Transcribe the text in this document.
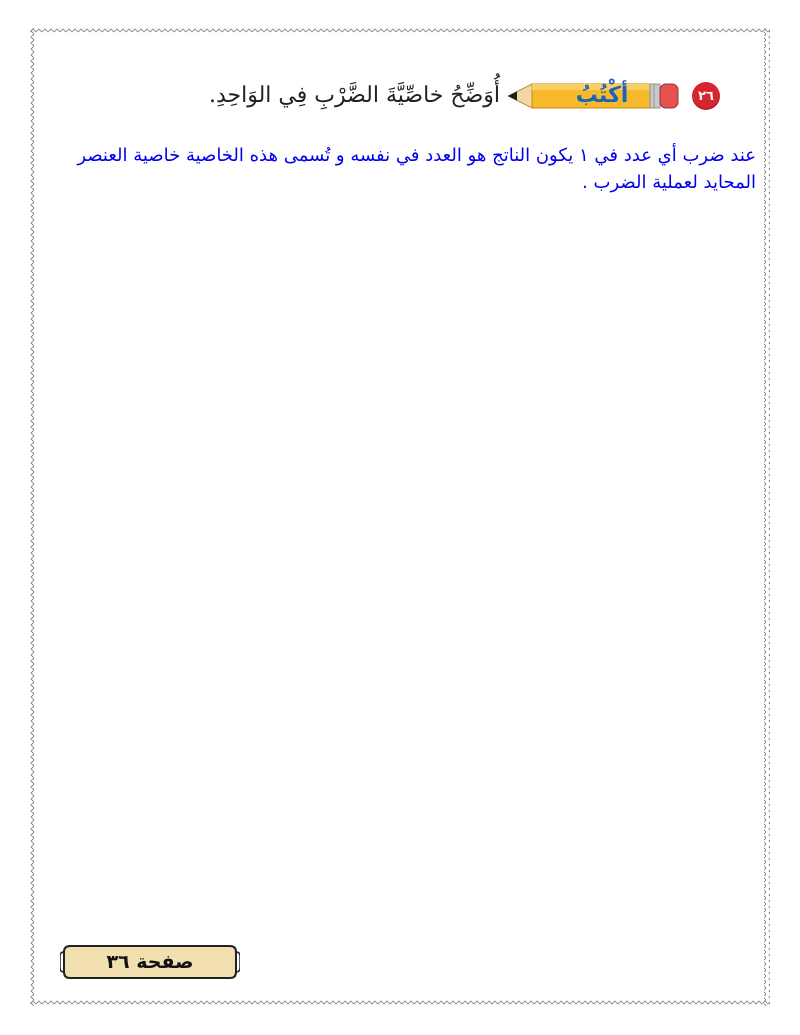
٢٦
أكْتُبُ
أُوَضِّحُ خاصِّيَّةَ الضَّرْبِ فِي الوَاحِدِ.
عند ضرب أي عدد في ١ يكون الناتج هو العدد في نفسه و تُسمى هذه الخاصية خاصية العنصر المحايد لعملية الضرب .
صفحة ٣٦
